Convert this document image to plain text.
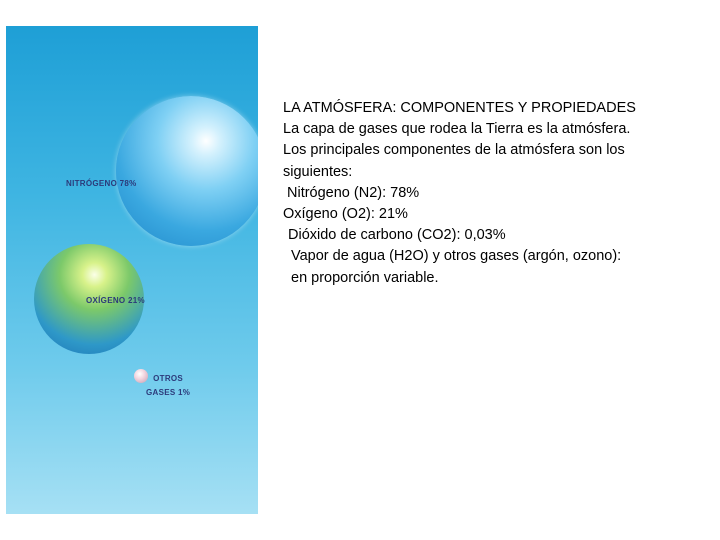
NITRÓGENO 78%
OXÍGENO 21%
OTROS
GASES 1%
LA ATMÓSFERA: COMPONENTES Y PROPIEDADES
La capa de gases que rodea la Tierra es la atmósfera.
Los principales componentes de la atmósfera son los siguientes:
Nitrógeno (N2): 78%
Oxígeno (O2): 21%
Dióxido de carbono (CO2): 0,03%
Vapor de agua (H2O) y otros gases (argón, ozono):
en proporción variable.
